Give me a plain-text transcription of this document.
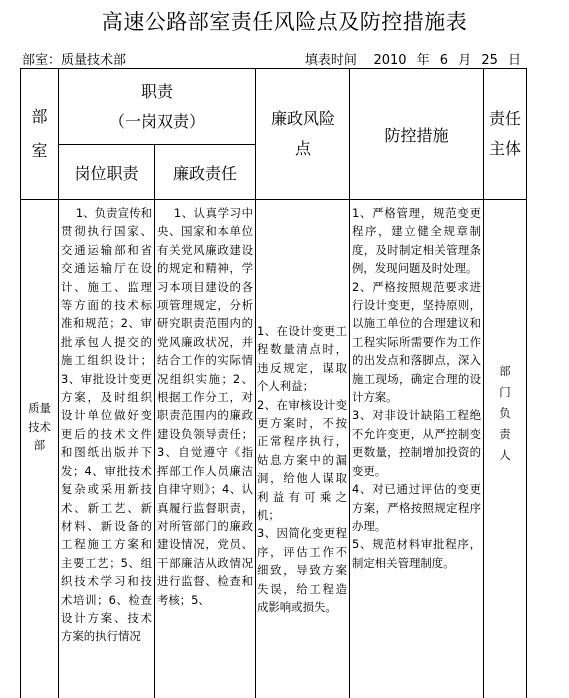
高速公路部室责任风险点及防控措施表
部室：质量技术部	填表时间 2010 年 6 月 25 日
部室
职责
（一岗双责）
岗位职责 廉政责任
廉政风险点
防控措施
责任主体
质量技术部
1、负责宣传和贯彻执行国家、交通运输部和省交通运输厅在设计、施工、监理等方面的技术标准和规范；2、审批承包人提交的施工组织设计；3、审批设计变更方案，及时组织设计单位做好变更后的技术文件和图纸出版并下发；4、审批技术复杂或采用新技术、新工艺、新材料、新设备的工程施工方案和主要工艺；5、组织技术学习和技术培训；6、检查设计方案、技术方案的执行情况
1、认真学习中央、国家和本单位有关党风廉政建设的规定和精神，学习本项目建设的各项管理规定，分析研究职责范围内的党风廉政状况，并结合工作的实际情况组织实施；2、根据工作分工，对职责范围内的廉政建设负领导责任；3、自觉遵守《指挥部工作人员廉洁自律守则》；4、认真履行监督职责，对所管部门的廉政建设情况，党员、干部廉洁从政情况进行监督、检查和考核；5、
1、在设计变更工程数量清点时，违反规定，谋取个人利益；
2、在审核设计变更方案时，不按正常程序执行，姑息方案中的漏洞，给他人谋取利益有可乘之机；
3、因简化变更程序，评估工作不细致，导致方案失误，给工程造成影响或损失。
1、严格管理，规范变更程序，建立健全规章制度，及时制定相关管理条例，发现问题及时处理。
2、严格按照规范要求进行设计变更，坚持原则，以施工单位的合理建议和工程实际所需要作为工作的出发点和落脚点，深入施工现场，确定合理的设计方案。
3、对非设计缺陷工程绝不允许变更，从严控制变更数量，控制增加投资的变更。
4、对已通过评估的变更方案，严格按照规定程序办理。
5、规范材料审批程序，制定相关管理制度。
部门负责人
